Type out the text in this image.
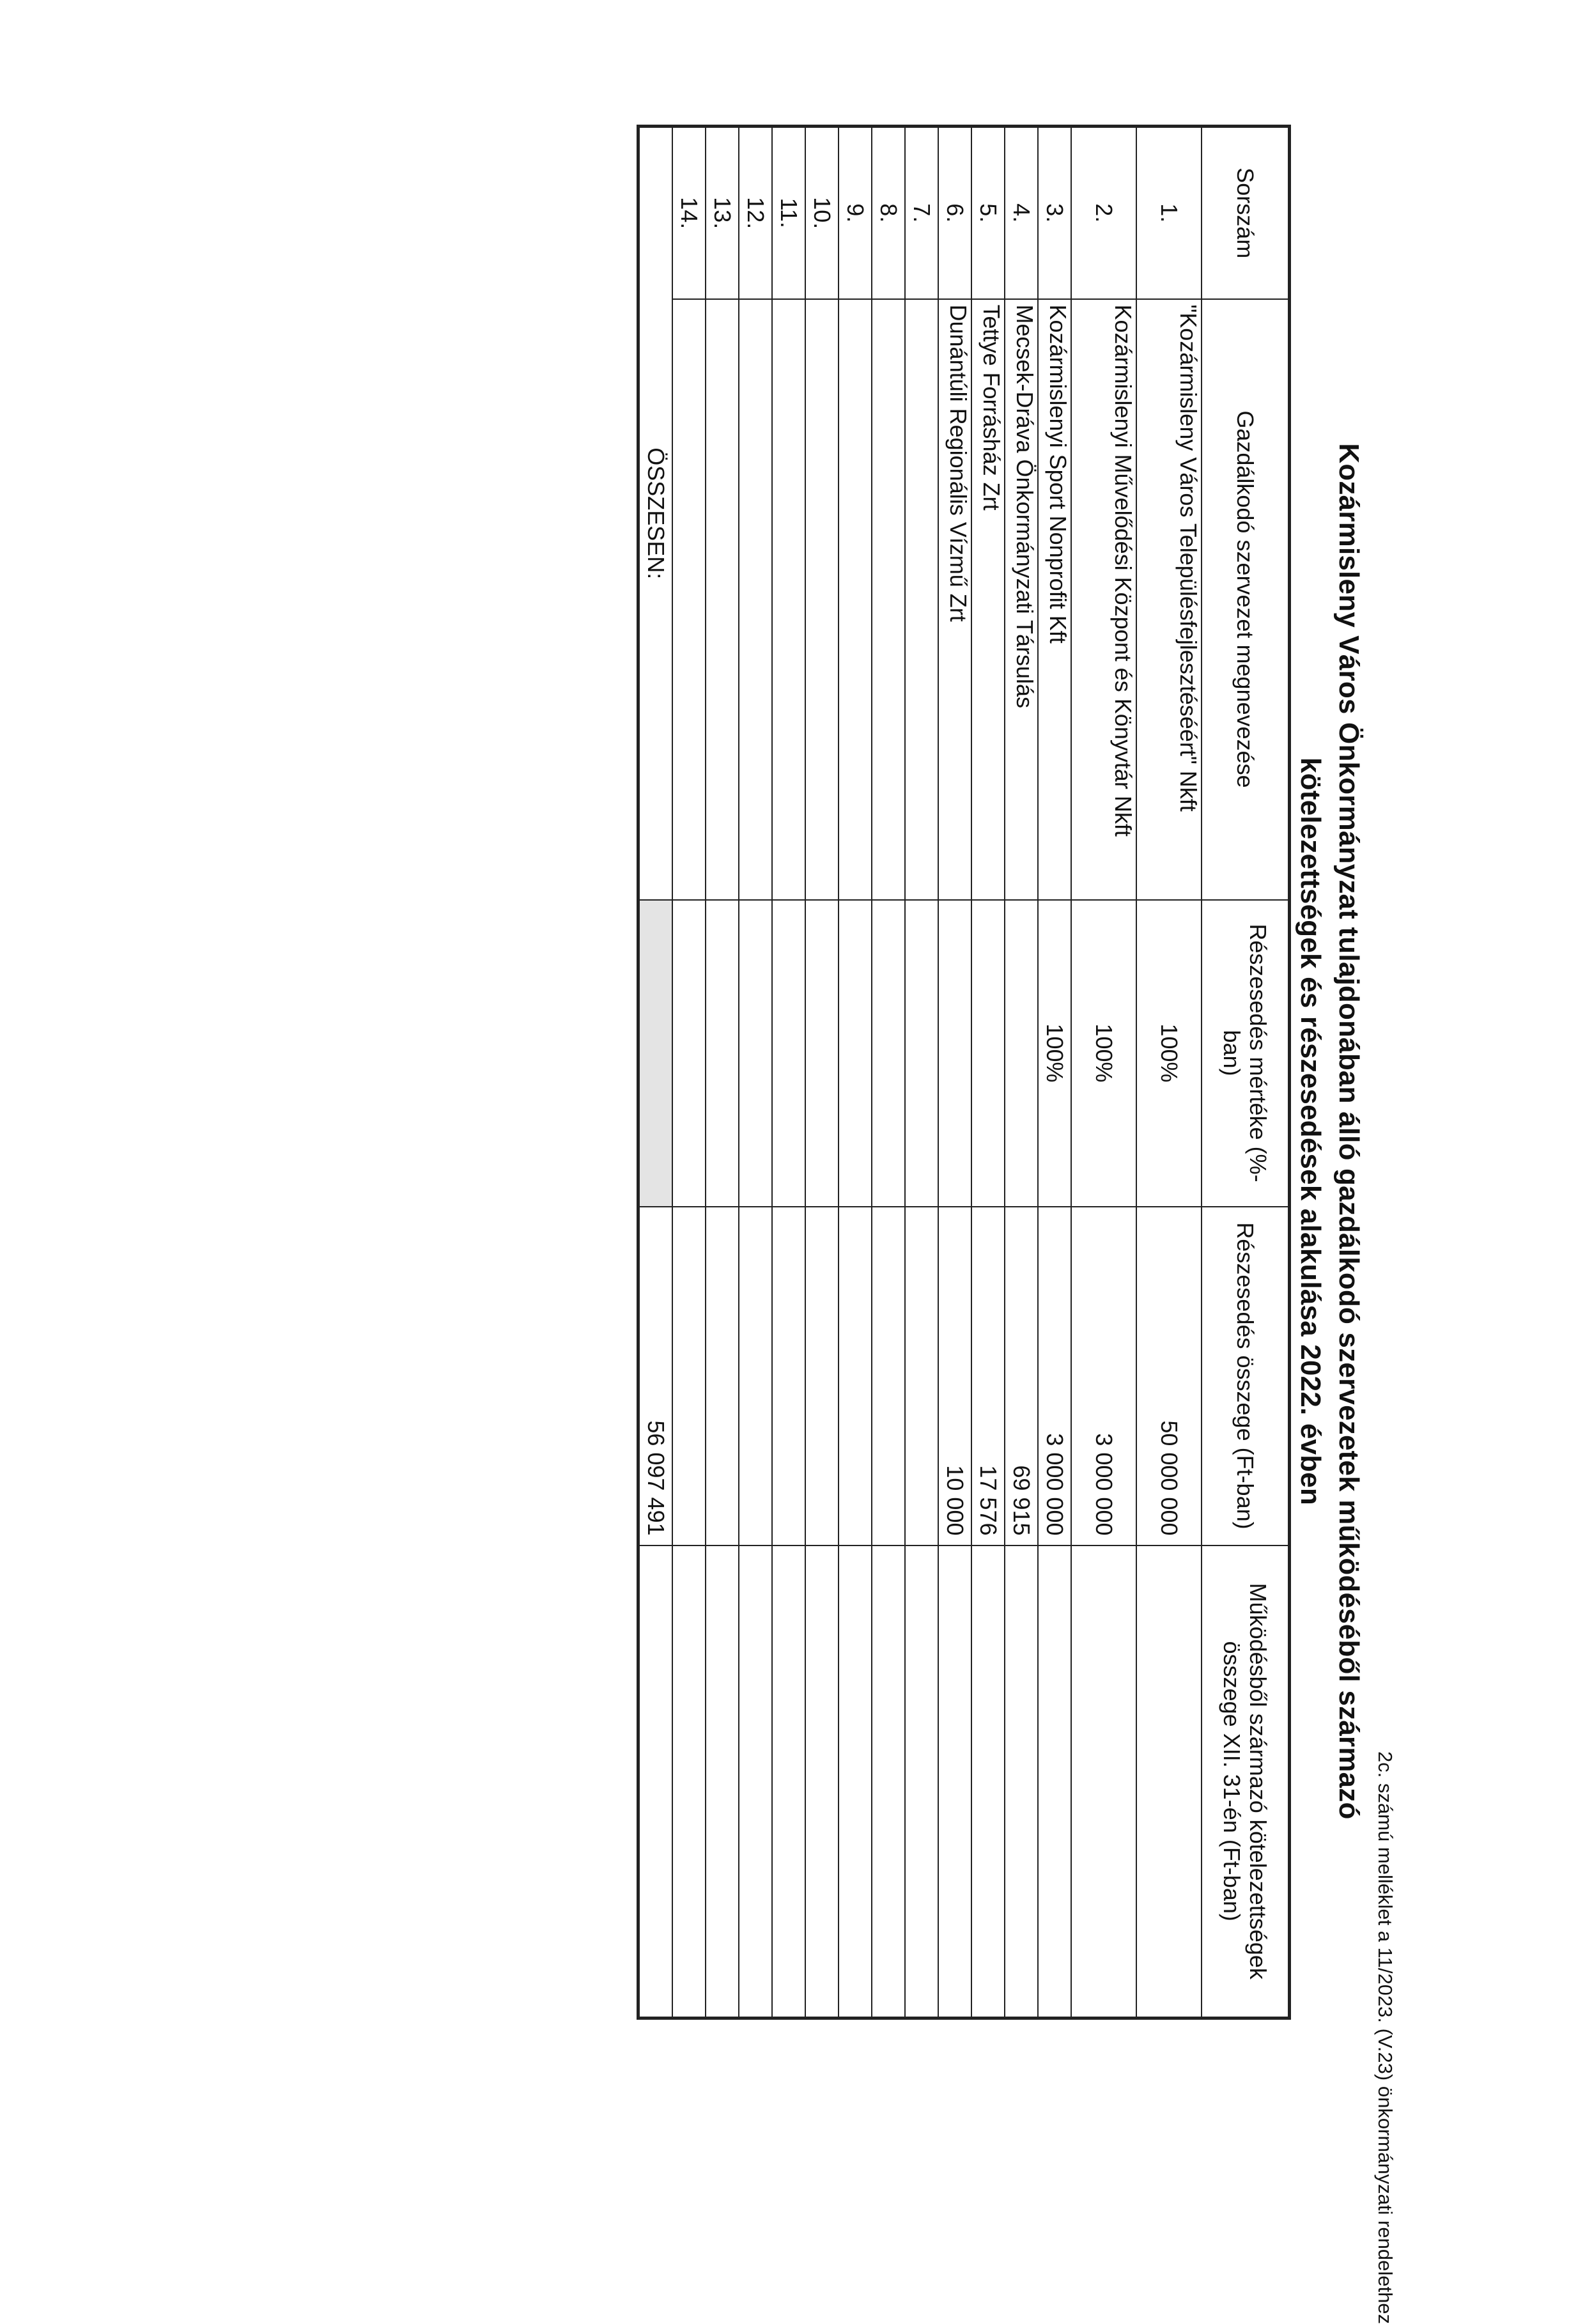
2c. számú melléklet a 11/2023. (V.23) önkormányzati rendelethez
Kozármisleny Város Önkormányzat tulajdonában álló gazdálkodó szervezetek működéséből származó
kötelezettségek és részesedések alakulása 2022. évben
Sorszám	Gazdálkodó szervezet megnevezése	Részesedés mértéke (%-ban)	Részesedés összege (Ft-ban)	Működésből származó kötelezettségek összege XII. 31-én (Ft-ban)
1.	"Kozármisleny Város Településfejlesztéséért" Nkft	100%	50 000 000	
2.	Kozármislenyi Művelődési Központ és Könyvtár Nkft	100%	3 000 000	
3.	Kozármislenyi Sport Nonprofit Kft	100%	3 000 000	
4.	Mecsek-Dráva Önkormányzati Társulás		69 915	
5.	Tettye Forrásház Zrt		17 576	
6.	Dunántúli Regionális Vízmű Zrt		10 000	
7.				
8.				
9.				
10.				
11.				
12.				
13.				
14.				
ÖSSZESEN:			56 097 491	
